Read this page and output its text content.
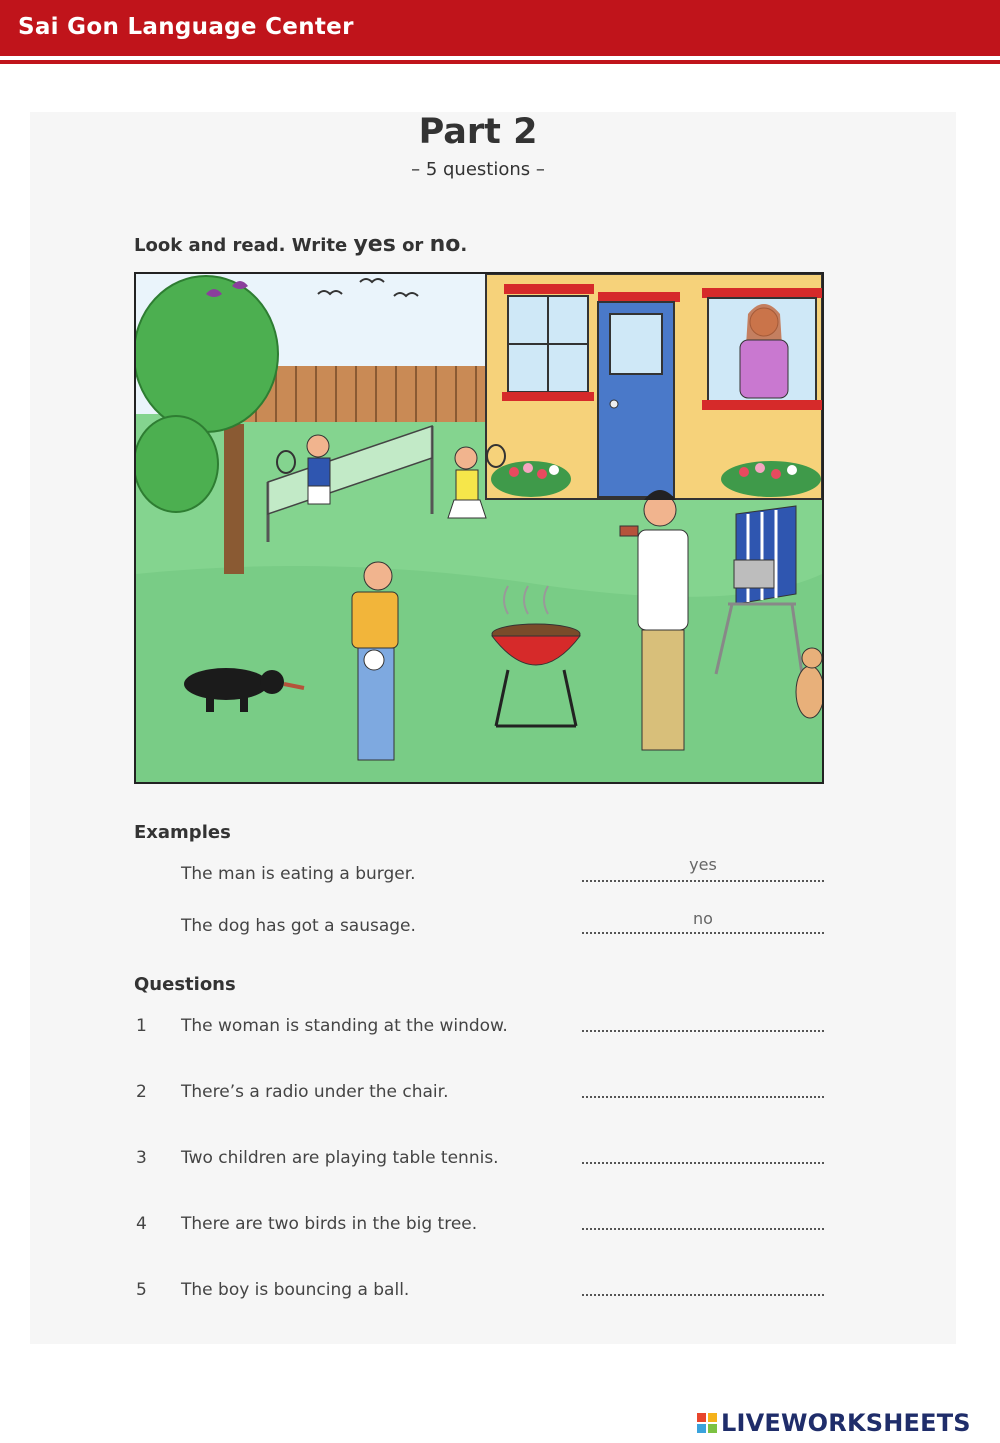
Sai Gon Language Center
Part 2
– 5 questions –
Look and read. Write yes or no.
Examples
The man is eating a burger.	yes
The dog has got a sausage.	no
Questions
1 The woman is standing at the window.
2 There’s a radio under the chair.
3 Two children are playing table tennis.
4 There are two birds in the big tree.
5 The boy is bouncing a ball.
LIVEWORKSHEETS
